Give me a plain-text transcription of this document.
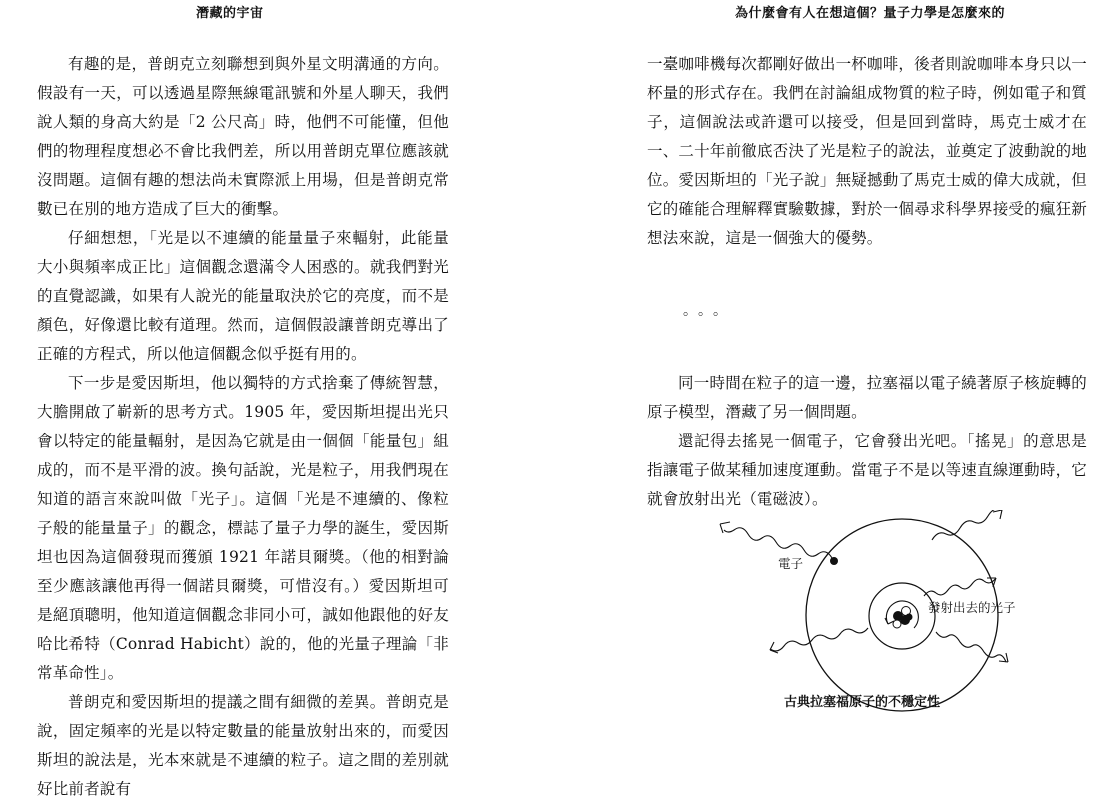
潛藏的宇宙

有趣的是，普朗克立刻聯想到與外星文明溝通的方向。假設有一天，可以透過星際無線電訊號和外星人聊天，我們說人類的身高大約是「2 公尺高」時，他們不可能懂，但他們的物理程度想必不會比我們差，所以用普朗克單位應該就沒問題。這個有趣的想法尚未實際派上用場，但是普朗克常數已在別的地方造成了巨大的衝擊。

仔細想想，「光是以不連續的能量量子來輻射，此能量大小與頻率成正比」這個觀念還滿令人困惑的。就我們對光的直覺認識，如果有人說光的能量取決於它的亮度，而不是顏色，好像還比較有道理。然而，這個假設讓普朗克導出了正確的方程式，所以他這個觀念似乎挺有用的。

下一步是愛因斯坦，他以獨特的方式捨棄了傳統智慧，大膽開啟了嶄新的思考方式。1905 年，愛因斯坦提出光只會以特定的能量輻射，是因為它就是由一個個「能量包」組成的，而不是平滑的波。換句話說，光是粒子，用我們現在知道的語言來說叫做「光子」。這個「光是不連續的、像粒子般的能量量子」的觀念，標誌了量子力學的誕生，愛因斯坦也因為這個發現而獲頒 1921 年諾貝爾獎。（他的相對論至少應該讓他再得一個諾貝爾獎，可惜沒有。）愛因斯坦可是絕頂聰明，他知道這個觀念非同小可，誠如他跟他的好友哈比希特（Conrad Habicht）說的，他的光量子理論「非常革命性」。

普朗克和愛因斯坦的提議之間有細微的差異。普朗克是說，固定頻率的光是以特定數量的能量放射出來的，而愛因斯坦的說法是，光本來就是不連續的粒子。這之間的差別就好比前者說有

為什麼會有人在想這個？量子力學是怎麼來的

一臺咖啡機每次都剛好做出一杯咖啡，後者則說咖啡本身只以一杯量的形式存在。我們在討論組成物質的粒子時，例如電子和質子，這個說法或許還可以接受，但是回到當時，馬克士威才在一、二十年前徹底否決了光是粒子的說法，並奠定了波動說的地位。愛因斯坦的「光子說」無疑撼動了馬克士威的偉大成就，但它的確能合理解釋實驗數據，對於一個尋求科學界接受的瘋狂新想法來說，這是一個強大的優勢。

。。。

同一時間在粒子的這一邊，拉塞福以電子繞著原子核旋轉的原子模型，潛藏了另一個問題。

還記得去搖晃一個電子，它會發出光吧。「搖晃」的意思是指讓電子做某種加速度運動。當電子不是以等速直線運動時，它就會放射出光（電磁波）。

電子
發射出去的光子
古典拉塞福原子的不穩定性
